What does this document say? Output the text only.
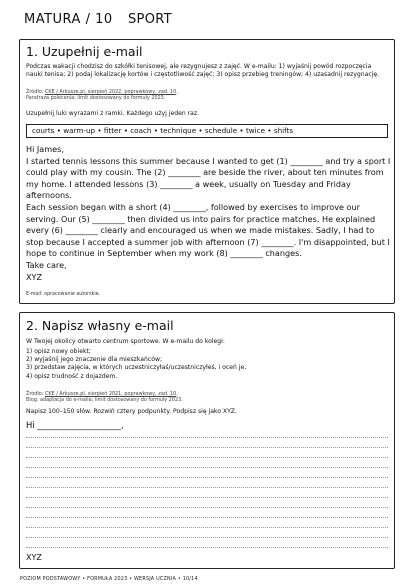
MATURA / 10 SPORT
1. Uzupełnij e-mail
Podczas wakacji chodzisz do szkółki tenisowej, ale rezygnujesz z zajęć. W e-mailu: 1) wyjaśnij powód rozpoczęcia nauki tenisa; 2) podaj lokalizację kortów i częstotliwość zajęć; 3) opisz przebieg treningów; 4) uzasadnij rezygnację.
Źródło: CKE / Arkusze.pl, sierpień 2022, poprawkowy, zad. 10.
Parafraza polecenia; limit dostosowany do formuły 2023.
Uzupełnij luki wyrazami z ramki. Każdego użyj jeden raz.
courts • warm-up • fitter • coach • technique • schedule • twice • shifts

Hi James,

I started tennis lessons this summer because I wanted to get (1) ________ and try a sport I could play with my cousin. The (2) ________ are beside the river, about ten minutes from my home. I attended lessons (3) ________ a week, usually on Tuesday and Friday afternoons.

Each session began with a short (4) ________, followed by exercises to improve our serving. Our (5) ________ then divided us into pairs for practice matches. He explained every (6) ________ clearly and encouraged us when we made mistakes. Sadly, I had to stop because I accepted a summer job with afternoon (7) ________. I'm disappointed, but I hope to continue in September when my work (8) ________ changes.

Take care,

XYZ

E-mail: opracowanie autorskie.
2. Napisz własny e-mail
W Twojej okolicy otwarto centrum sportowe. W e-mailu do kolegi:
1) opisz nowy obiekt;
2) wyjaśnij jego znaczenie dla mieszkańców;
3) przedstaw zajęcia, w których uczestniczyłaś/uczestniczyłeś, i oceń je;
4) opisz trudność z dojazdem.
Źródło: CKE / Arkusze.pl, sierpień 2021, poprawkowy, zad. 10.
Blog: adaptacja do e-maila; limit dostosowany do formuły 2023.
Napisz 100–150 słów. Rozwiń cztery podpunkty. Podpisz się jako XYZ.
Hi ____________________,
XYZ
POZIOM PODSTAWOWY • FORMUŁA 2023 • WERSJA UCZNIA • 10/14
